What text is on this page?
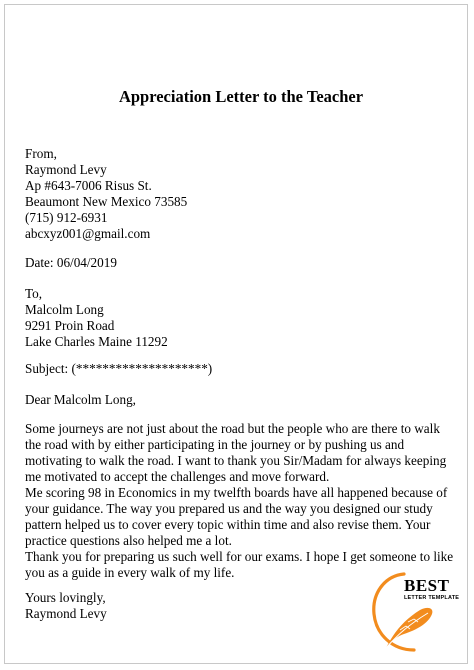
Appreciation Letter to the Teacher
From,
Raymond Levy
Ap #643-7006 Risus St.
Beaumont New Mexico 73585
(715) 912-6931
abcxyz001@gmail.com
Date: 06/04/2019
To,
Malcolm Long
9291 Proin Road
Lake Charles Maine 11292
Subject: (********************)
Dear Malcolm Long,
Some journeys are not just about the road but the people who are there to walk the road with by either participating in the journey or by pushing us and motivating to walk the road. I want to thank you Sir/Madam for always keeping me motivated to accept the challenges and move forward.
Me scoring 98 in Economics in my twelfth boards have all happened because of your guidance. The way you prepared us and the way you designed our study pattern helped us to cover every topic within time and also revise them. Your practice questions also helped me a lot.
Thank you for preparing us such well for our exams. I hope I get someone to like you as a guide in every walk of my life.
Yours lovingly,
Raymond Levy
BEST
LETTER TEMPLATE
